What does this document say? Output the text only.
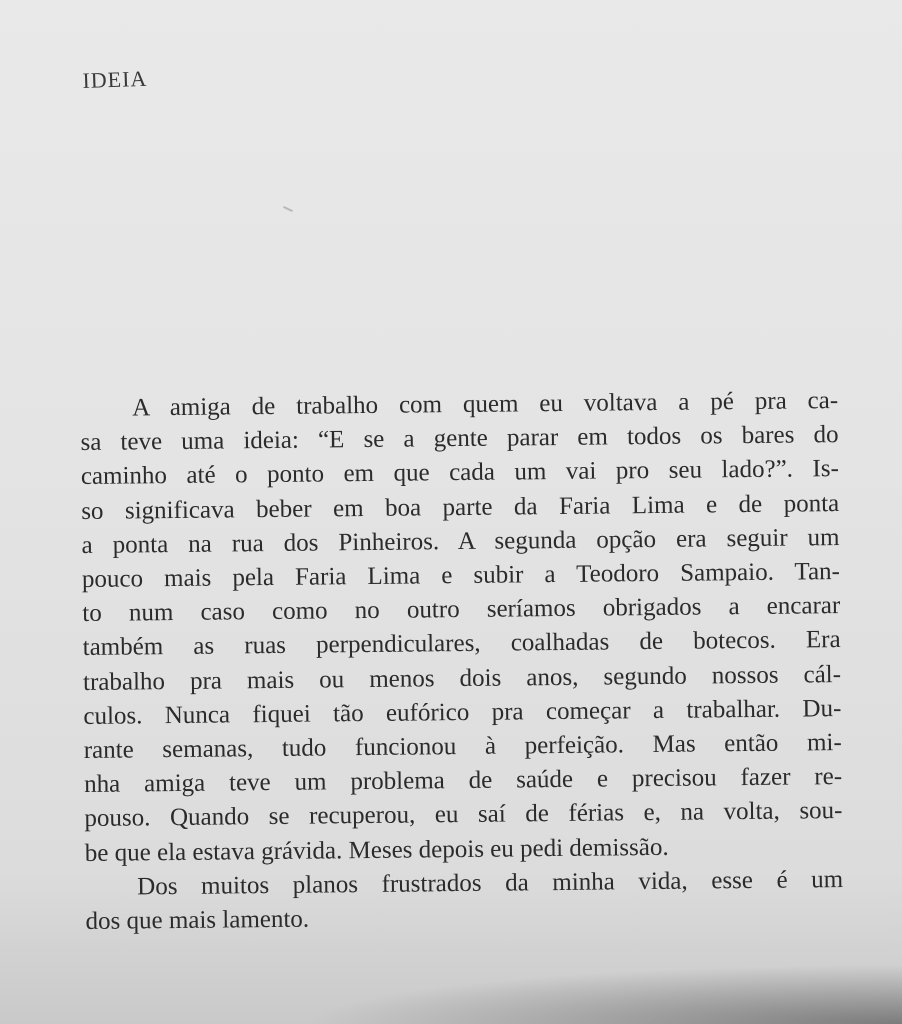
IDEIA
A amiga de trabalho com quem eu voltava a pé pra ca-
sa teve uma ideia: “E se a gente parar em todos os bares do
caminho até o ponto em que cada um vai pro seu lado?”. Is-
so significava beber em boa parte da Faria Lima e de ponta
a ponta na rua dos Pinheiros. A segunda opção era seguir um
pouco mais pela Faria Lima e subir a Teodoro Sampaio. Tan-
to num caso como no outro seríamos obrigados a encarar
também as ruas perpendiculares, coalhadas de botecos. Era
trabalho pra mais ou menos dois anos, segundo nossos cál-
culos. Nunca fiquei tão eufórico pra começar a trabalhar. Du-
rante semanas, tudo funcionou à perfeição. Mas então mi-
nha amiga teve um problema de saúde e precisou fazer re-
pouso. Quando se recuperou, eu saí de férias e, na volta, sou-
be que ela estava grávida. Meses depois eu pedi demissão.
Dos muitos planos frustrados da minha vida, esse é um
dos que mais lamento.
